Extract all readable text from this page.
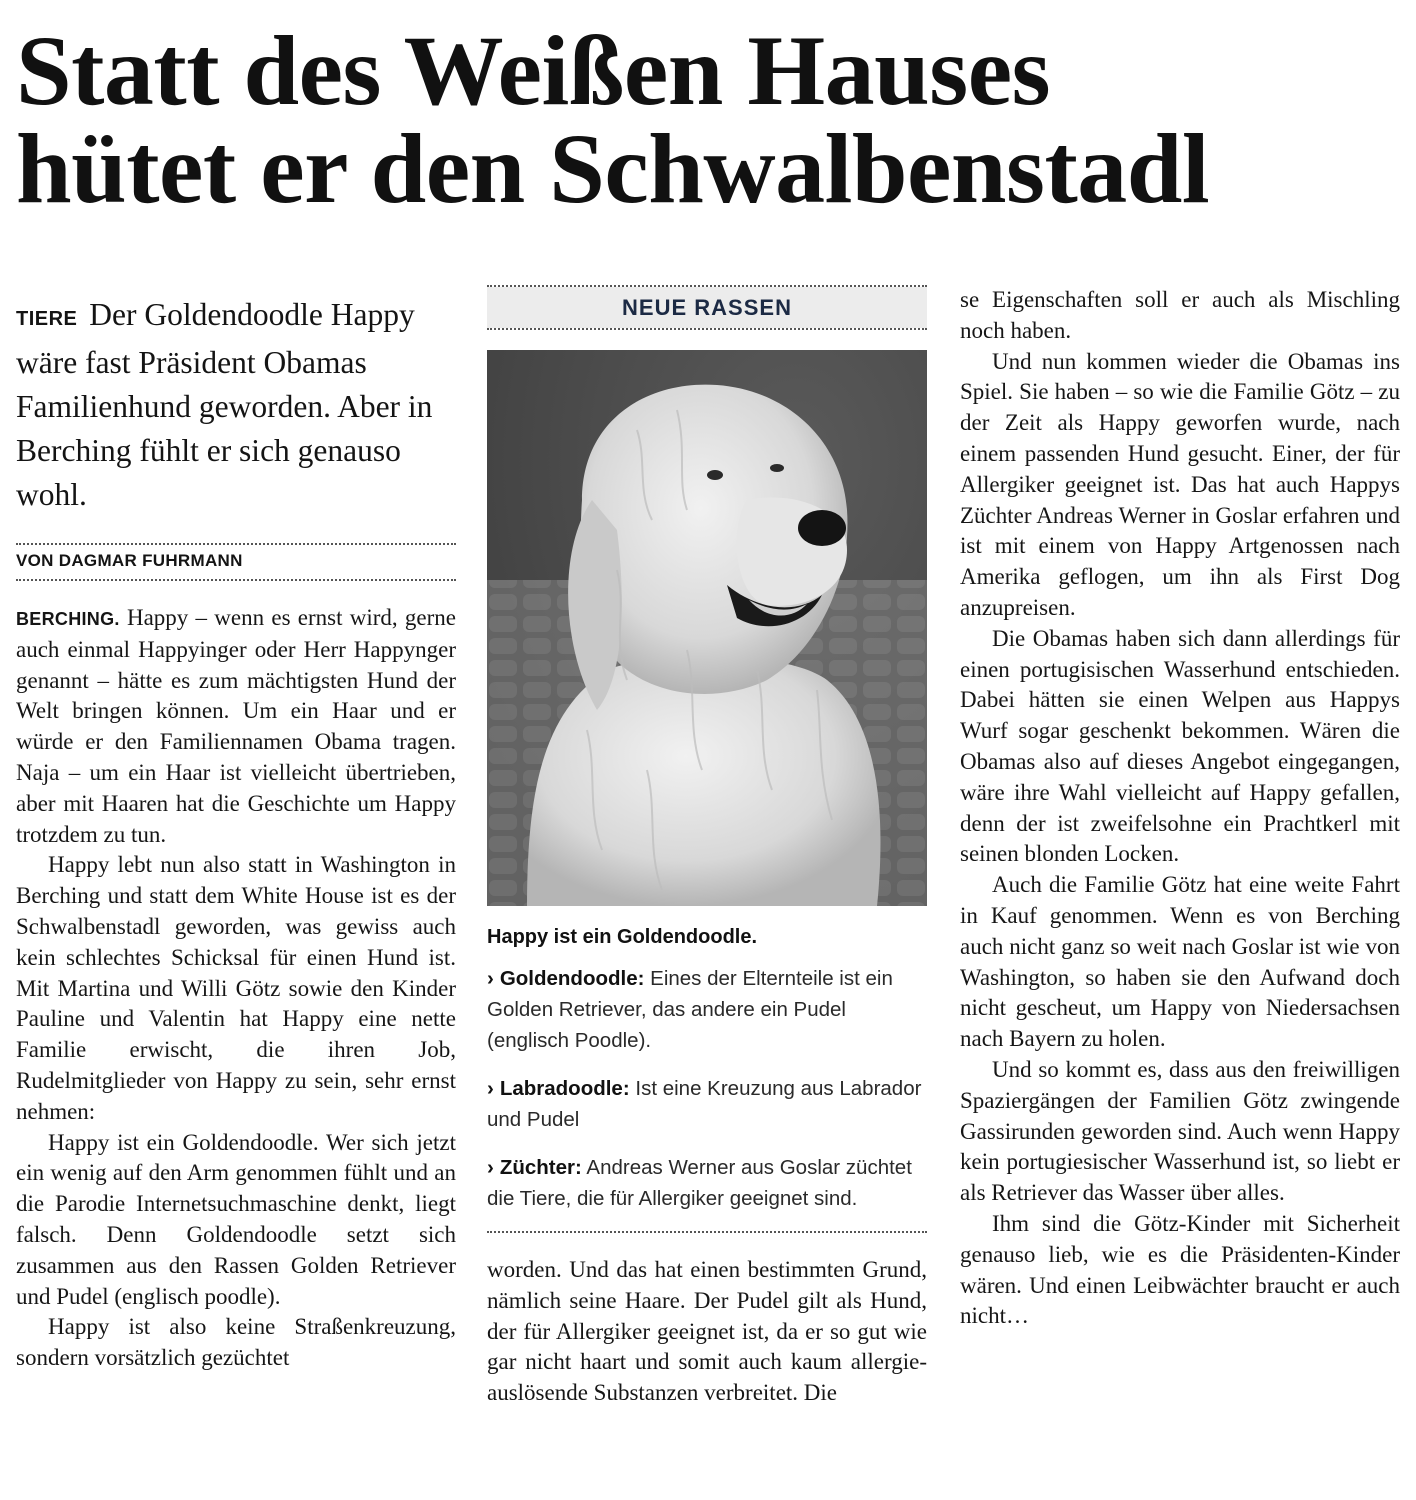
Statt des Weißen Hauses
hütet er den Schwalbenstadl
TIERE Der Goldendoodle Happy wäre fast Präsident Obamas Familienhund geworden. Aber in Berching fühlt er sich genauso wohl.
VON DAGMAR FUHRMANN

BERCHING. Happy – wenn es ernst wird, gerne auch einmal Happyinger oder Herr Happynger genannt – hätte es zum mächtigsten Hund der Welt bringen können. Um ein Haar und er würde er den Familiennamen Obama tragen. Naja – um ein Haar ist vielleicht übertrieben, aber mit Haaren hat die Geschichte um Happy trotzdem zu tun.

Happy lebt nun also statt in Washington in Berching und statt dem White House ist es der Schwalbenstadl geworden, was gewiss auch kein schlechtes Schicksal für einen Hund ist. Mit Martina und Willi Götz sowie den Kinder Pauline und Valentin hat Happy eine nette Familie erwischt, die ihren Job, Rudelmitglieder von Happy zu sein, sehr ernst nehmen:

Happy ist ein Goldendoodle. Wer sich jetzt ein wenig auf den Arm genommen fühlt und an die Parodie Internetsuchmaschine denkt, liegt falsch. Denn Goldendoodle setzt sich zusammen aus den Rassen Golden Retriever und Pudel (englisch poodle).

Happy ist also keine Straßenkreuzung, sondern vorsätzlich gezüchtet

NEUE RASSEN
Happy ist ein Goldendoodle.
› Goldendoodle: Eines der Elternteile ist ein Golden Retriever, das andere ein Pudel (englisch Poodle).
› Labradoodle: Ist eine Kreuzung aus Labrador und Pudel
› Züchter: Andreas Werner aus Goslar züchtet die Tiere, die für Allergiker geeignet sind.

worden. Und das hat einen bestimmten Grund, nämlich seine Haare. Der Pudel gilt als Hund, der für Allergiker geeignet ist, da er so gut wie gar nicht haart und somit auch kaum allergieauslösende Substanzen verbreitet. Die

se Eigenschaften soll er auch als Mischling noch haben.

Und nun kommen wieder die Obamas ins Spiel. Sie haben – so wie die Familie Götz – zu der Zeit als Happy geworfen wurde, nach einem passenden Hund gesucht. Einer, der für Allergiker geeignet ist. Das hat auch Happys Züchter Andreas Werner in Goslar erfahren und ist mit einem von Happy Artgenossen nach Amerika geflogen, um ihn als First Dog anzupreisen.

Die Obamas haben sich dann allerdings für einen portugisischen Wasserhund entschieden. Dabei hätten sie einen Welpen aus Happys Wurf sogar geschenkt bekommen. Wären die Obamas also auf dieses Angebot eingegangen, wäre ihre Wahl vielleicht auf Happy gefallen, denn der ist zweifelsohne ein Prachtkerl mit seinen blonden Locken.

Auch die Familie Götz hat eine weite Fahrt in Kauf genommen. Wenn es von Berching auch nicht ganz so weit nach Goslar ist wie von Washington, so haben sie den Aufwand doch nicht gescheut, um Happy von Niedersachsen nach Bayern zu holen.

Und so kommt es, dass aus den freiwilligen Spaziergängen der Familien Götz zwingende Gassirunden geworden sind. Auch wenn Happy kein portugiesischer Wasserhund ist, so liebt er als Retriever das Wasser über alles.

Ihm sind die Götz-Kinder mit Sicherheit genauso lieb, wie es die Präsidenten-Kinder wären. Und einen Leibwächter braucht er auch nicht…
